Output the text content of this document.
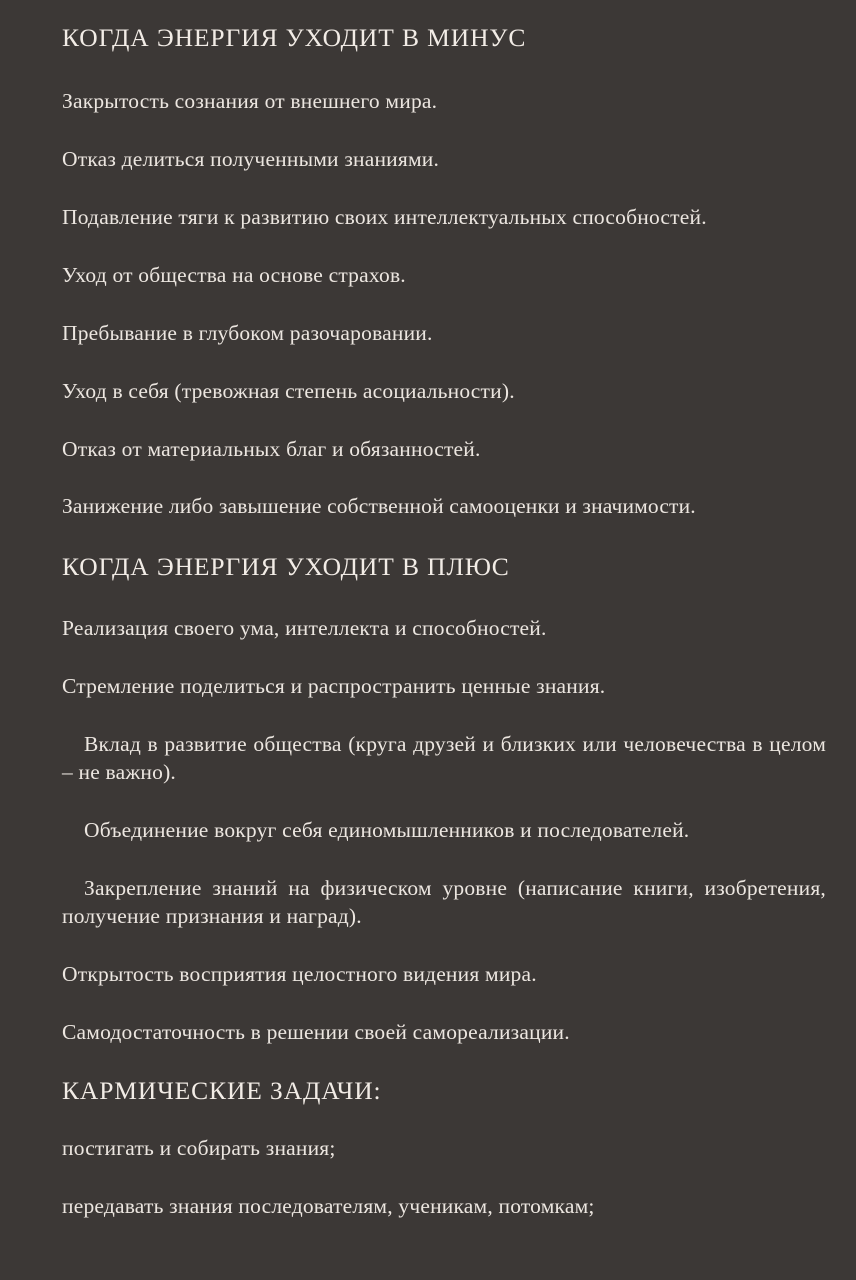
КОГДА ЭНЕРГИЯ УХОДИТ В МИНУС

Закрытость сознания от внешнего мира.

Отказ делиться полученными знаниями.

Подавление тяги к развитию своих интеллектуальных способностей.

Уход от общества на основе страхов.

Пребывание в глубоком разочаровании.

Уход в себя (тревожная степень асоциальности).

Отказ от материальных благ и обязанностей.

Занижение либо завышение собственной самооценки и значимости.

КОГДА ЭНЕРГИЯ УХОДИТ В ПЛЮС

Реализация своего ума, интеллекта и способностей.

Стремление поделиться и распространить ценные знания.

Вклад в развитие общества (круга друзей и близких или человечества в целом – не важно).

Объединение вокруг себя единомышленников и последователей.

Закрепление знаний на физическом уровне (написание книги, изобретения, получение признания и наград).

Открытость восприятия целостного видения мира.

Самодостаточность в решении своей самореализации.

КАРМИЧЕСКИЕ ЗАДАЧИ:

постигать и собирать знания;

передавать знания последователям, ученикам, потомкам;
